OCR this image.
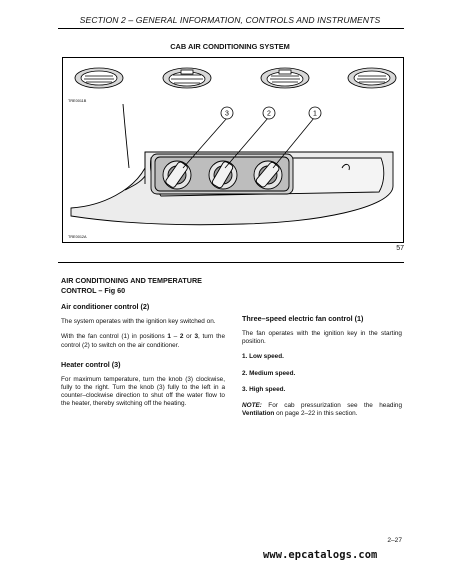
SECTION 2 – GENERAL INFORMATION, CONTROLS AND INSTRUMENTS
CAB AIR CONDITIONING SYSTEM
TRE0011B
3	2	1
TRE0012A
57
AIR CONDITIONING AND TEMPERATURE CONTROL – Fig 60
Air conditioner control (2)
The system operates with the ignition key switched on.
With the fan control (1) in positions 1 – 2 or 3, turn the control (2) to switch on the air conditioner.
Heater control (3)
For maximum temperature, turn the knob (3) clockwise, fully to the right. Turn the knob (3) fully to the left in a counter–clockwise direction to shut off the water flow to the heater, thereby switching off the heating.
Three–speed electric fan control (1)
The fan operates with the ignition key in the starting position.
1. Low speed.
2. Medium speed.
3. High speed.
NOTE: For cab pressurization see the heading Ventilation on page 2–22 in this section.
2–27
www.epcatalogs.com
